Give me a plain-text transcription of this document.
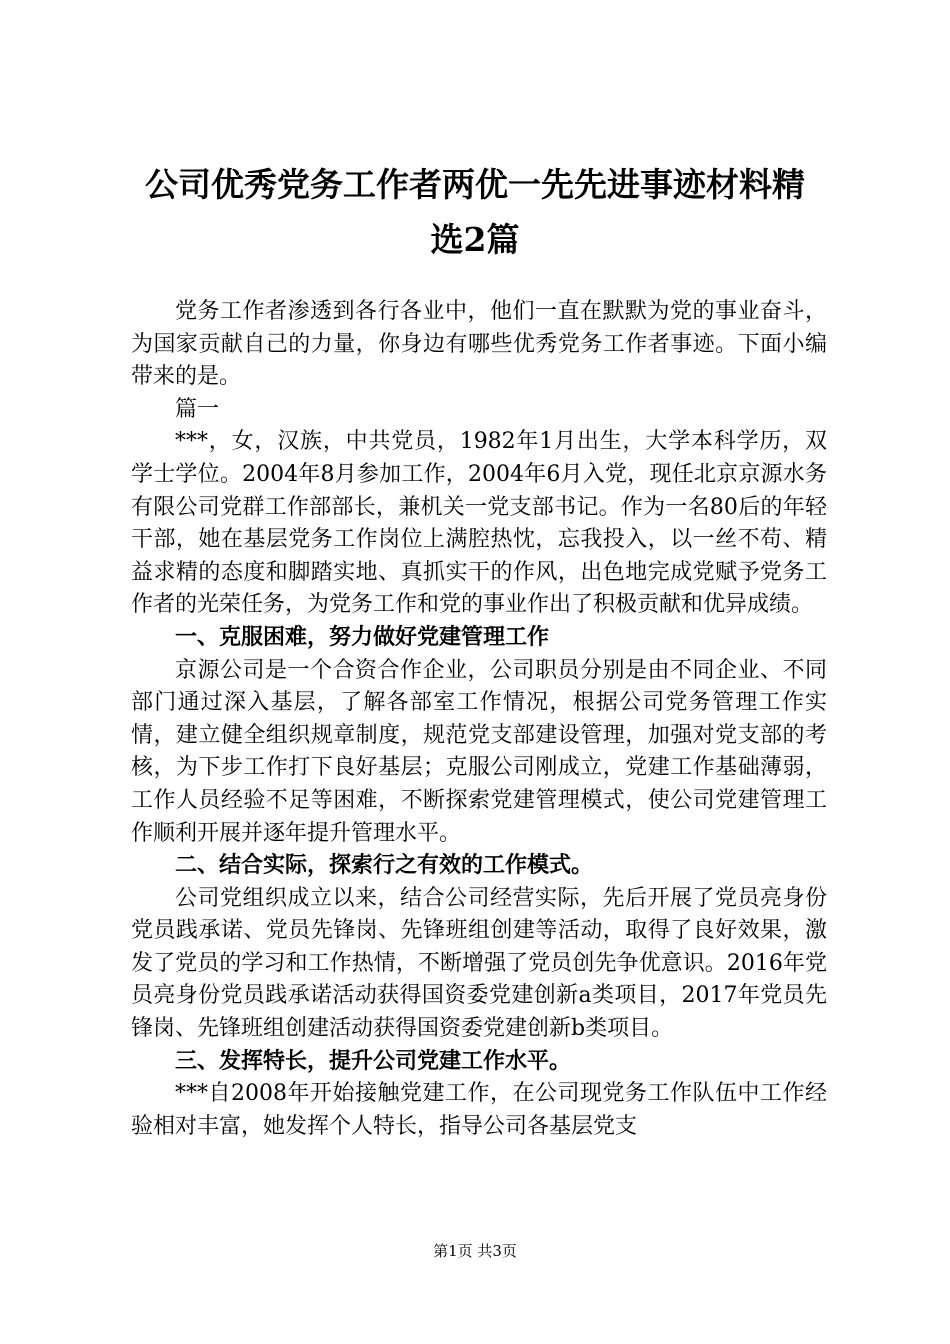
公司优秀党务工作者两优一先先进事迹材料精
选2篇

党务工作者渗透到各行各业中，他们一直在默默为党的事业奋斗，为国家贡献自己的力量，你身边有哪些优秀党务工作者事迹。下面小编带来的是。

篇一

***，女，汉族，中共党员，1982年1月出生，大学本科学历，双学士学位。2004年8月参加工作，2004年6月入党，现任北京京源水务有限公司党群工作部部长，兼机关一党支部书记。作为一名80后的年轻干部，她在基层党务工作岗位上满腔热忱，忘我投入，以一丝不苟、精益求精的态度和脚踏实地、真抓实干的作风，出色地完成党赋予党务工作者的光荣任务，为党务工作和党的事业作出了积极贡献和优异成绩。

一、克服困难，努力做好党建管理工作

京源公司是一个合资合作企业，公司职员分别是由不同企业、不同部门通过深入基层，了解各部室工作情况，根据公司党务管理工作实情，建立健全组织规章制度，规范党支部建设管理，加强对党支部的考核，为下步工作打下良好基层；克服公司刚成立，党建工作基础薄弱，工作人员经验不足等困难，不断探索党建管理模式，使公司党建管理工作顺利开展并逐年提升管理水平。

二、结合实际，探索行之有效的工作模式。

公司党组织成立以来，结合公司经营实际，先后开展了党员亮身份党员践承诺、党员先锋岗、先锋班组创建等活动，取得了良好效果，激发了党员的学习和工作热情，不断增强了党员创先争优意识。2016年党员亮身份党员践承诺活动获得国资委党建创新a类项目，2017年党员先锋岗、先锋班组创建活动获得国资委党建创新b类项目。

三、发挥特长，提升公司党建工作水平。

***自2008年开始接触党建工作，在公司现党务工作队伍中工作经验相对丰富，她发挥个人特长，指导公司各基层党支

第1页 共3页
